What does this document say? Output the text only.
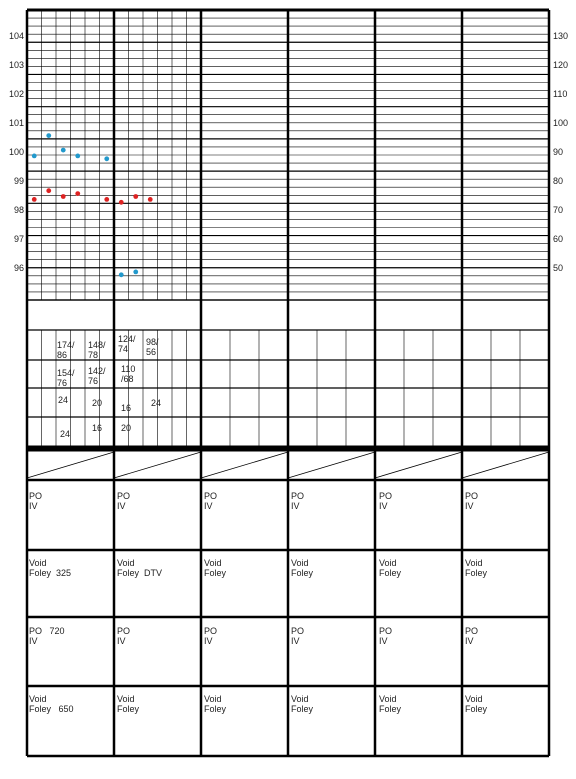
104
103
102
101
100
99
98
97
96
130
120
110
100
90
80
70
60
50
174/
86
148/
78
154/
76
142/
76
124/
74
98/
56
110
/68
24	20
24
16
16 24
20
PO
IV
PO
IV
PO
IV
PO
IV
PO
IV
PO
IV
Void
Foley  325
Void
Foley  DTV
Void
Foley
Void
Foley
Void
Foley
Void
Foley
PO   720
IV
PO
IV
PO
IV
PO
IV
PO
IV
PO
IV
Void
Foley   650
Void
Foley
Void
Foley
Void
Foley
Void
Foley
Void
Foley
